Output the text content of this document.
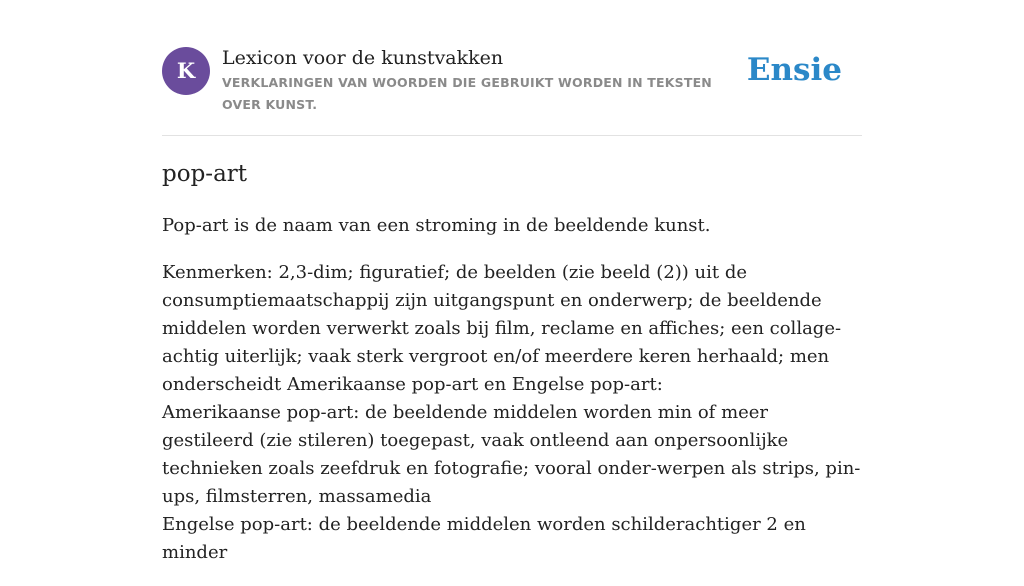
K	Lexicon voor de kunstvakken
VERKLARINGEN VAN WOORDEN DIE GEBRUIKT WORDEN IN TEKSTEN OVER KUNST.
Ensie
pop-art

Pop-art is de naam van een stroming in de beeldende kunst.

Kenmerken: 2,3-dim; figuratief; de beelden (zie beeld (2)) uit de consumptiemaatschappij zijn uitgangspunt en onderwerp; de beeldende middelen worden verwerkt zoals bij film, reclame en affiches; een collage-achtig uiterlijk; vaak sterk vergroot en/of meerdere keren herhaald; men onderscheidt Amerikaanse pop-art en Engelse pop-art:
Amerikaanse pop-art: de beeldende middelen worden min of meer gestileerd (zie stileren) toegepast, vaak ontleend aan onpersoonlijke technieken zoals zeefdruk en fotografie; vooral onder-werpen als strips, pin-ups, filmsterren, massamedia
Engelse pop-art: de beeldende middelen worden schilderachtiger 2 en minder
